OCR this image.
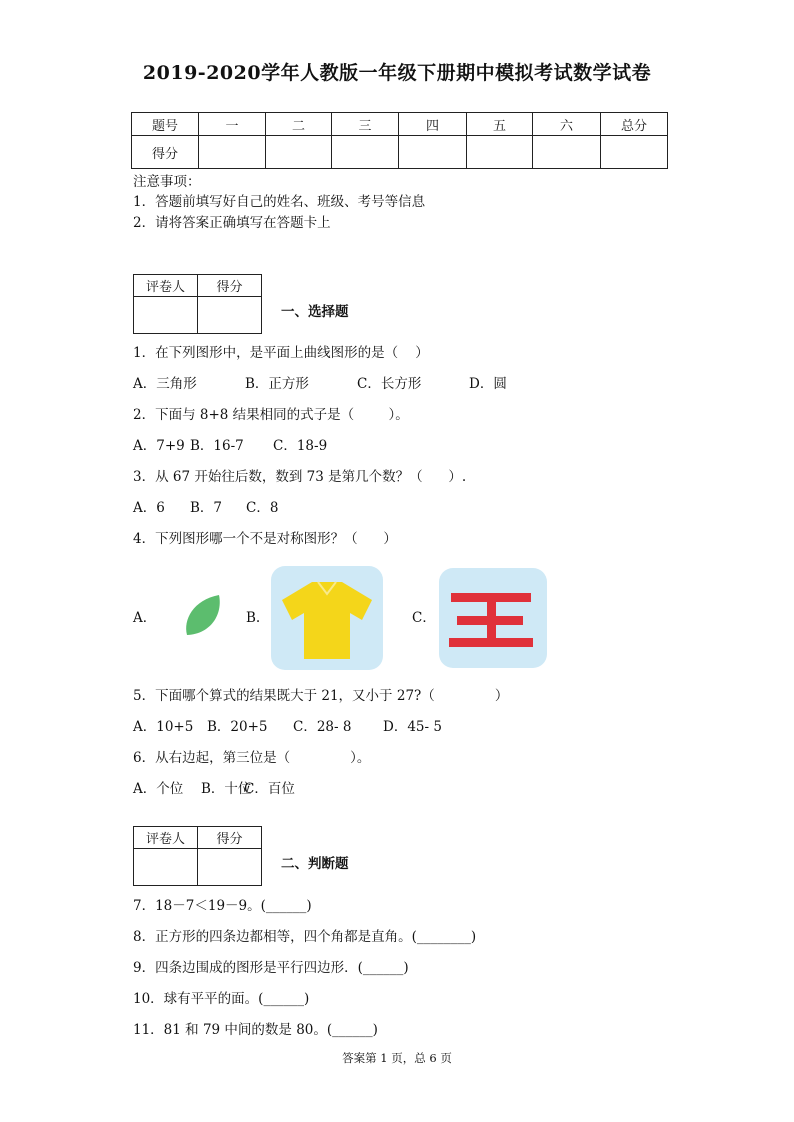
2019-2020学年人教版一年级下册期中模拟考试数学试卷
题号	一	二	三	四	五	六	总分
得分							
注意事项：
1．答题前填写好自己的姓名、班级、考号等信息
2．请将答案正确填写在答题卡上
评卷人	得分

一、选择题
1．在下列图形中，是平面上曲线图形的是（    ）
A．三角形	B．正方形	C．长方形	D．圆
2．下面与 8+8 结果相同的式子是（        ）。
A．7+9 B．16-7 C．18-9
3．从 67 开始往后数，数到 73 是第几个数？（      ）.
A．6 B．7 C．8
4．下列图形哪一个不是对称图形？（      ）
A．	B.	C．
5．下面哪个算式的结果既大于 21，又小于 27?（              ）
A．10+5 B．20+5 C．28- 8 D．45- 5
6．从右边起，第三位是（              ）。
A．个位 B．十位
C．百位
评卷人	得分

二、判断题
7．18－7＜19－9。(______)
8．正方形的四条边都相等，四个角都是直角。(________)
9．四条边围成的图形是平行四边形．(______)
10．球有平平的面。(______)
11．81 和 79 中间的数是 80。(______)
答案第 1 页，总 6 页
